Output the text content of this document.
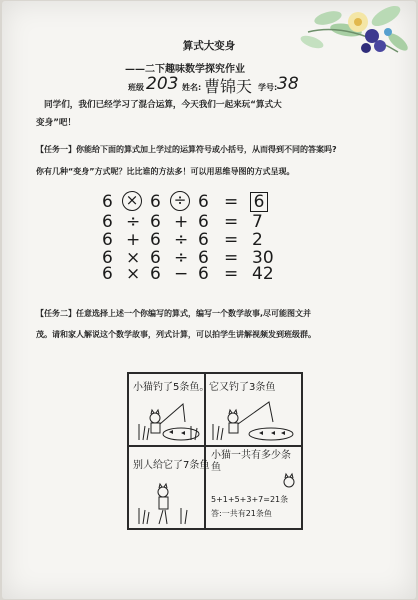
算式大变身
——二下趣味数学探究作业
班级 203 姓名: 曹锦天 学号: 38
同学们，我们已经学习了混合运算，今天我们一起来玩“算式大
变身”吧！
【任务一】你能给下面的算式加上学过的运算符号或小括号，从而得到不同的答案吗?
你有几种“变身”方式呢？比比谁的方法多！可以用思维导图的方式呈现。
6 × 6 ÷ 6 = 6
6 ÷ 6 + 6 = 7
6 + 6 ÷ 6 = 2
6 × 6 ÷ 6 = 30
6 × 6 − 6 = 42
【任务二】任意选择上述一个你编写的算式，编写一个数学故事,尽可能图文并
茂。请和家人解说这个数学故事，列式计算，可以拍学生讲解视频发到班级群。
小猫钓了5条鱼。 它又钓了3条鱼
别人给它了7条鱼
小猫一共有多少条鱼
5+1+5+3+7=21条
答:一共有21条鱼
